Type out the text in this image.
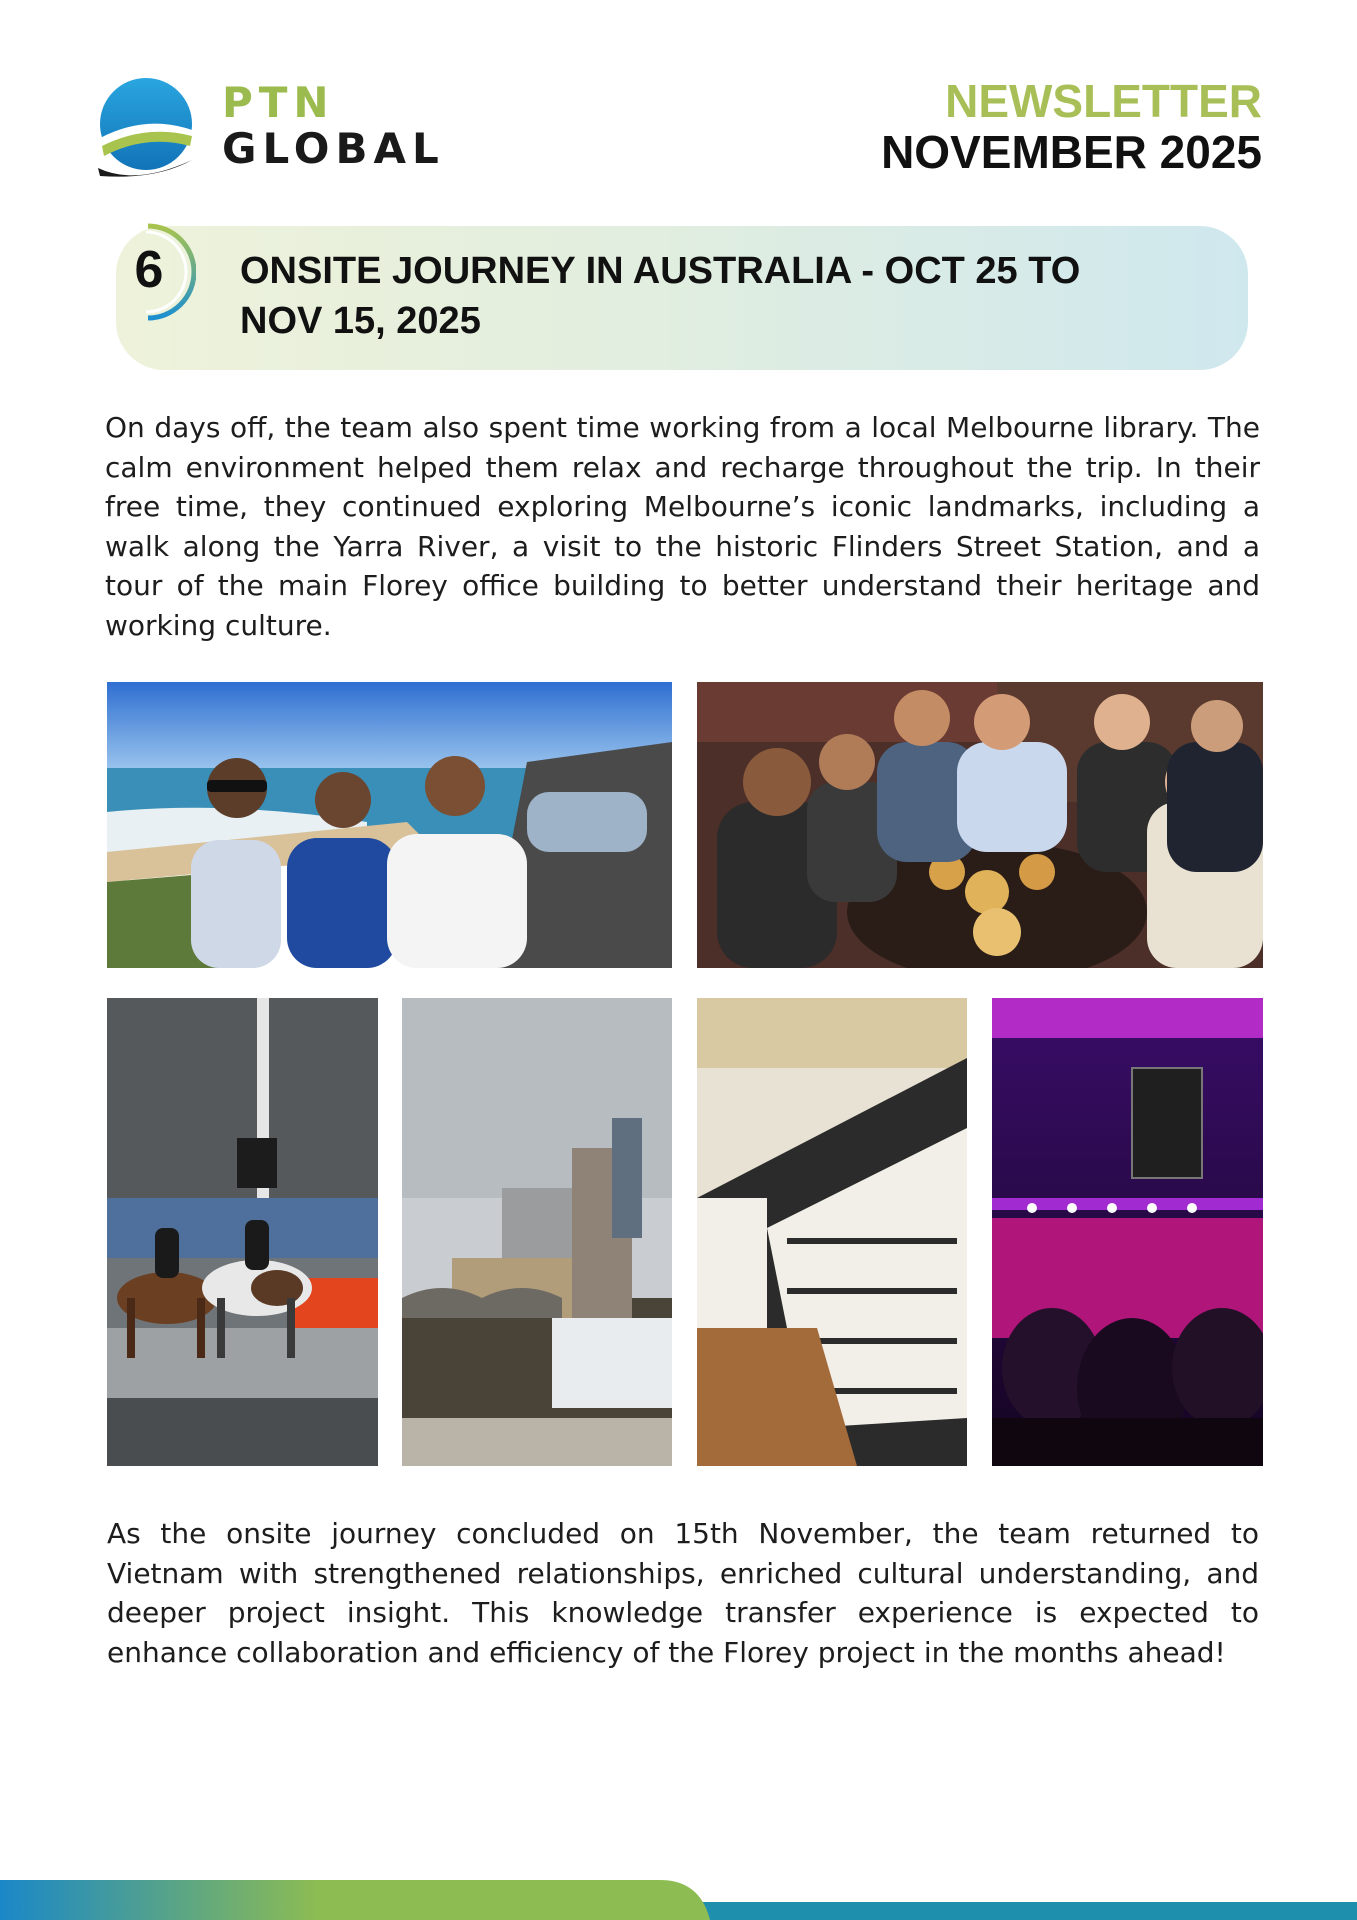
PTN
GLOBAL
NEWSLETTER
NOVEMBER 2025
6 ONSITE JOURNEY IN AUSTRALIA - OCT 25 TO NOV 15, 2025

On days off, the team also spent time working from a local Melbourne library. The calm environment helped them relax and recharge throughout the trip. In their free time, they continued exploring Melbourne’s iconic landmarks, including a walk along the Yarra River, a visit to the historic Flinders Street Station, and a tour of the main Florey office building to better understand their heritage and working culture.

As the onsite journey concluded on 15th November, the team returned to Vietnam with strengthened relationships, enriched cultural understanding, and deeper project insight. This knowledge transfer experience is expected to enhance collaboration and efficiency of the Florey project in the months ahead!
